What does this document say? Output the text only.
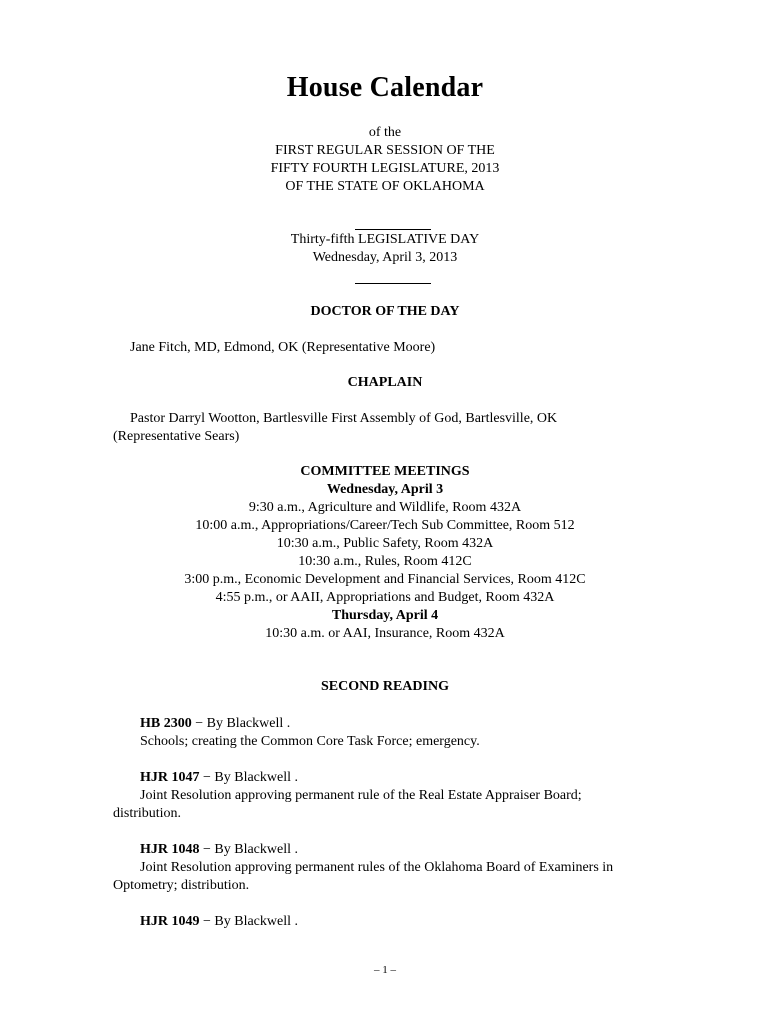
House Calendar
of the
FIRST REGULAR SESSION OF THE
FIFTY FOURTH LEGISLATURE, 2013
OF THE STATE OF OKLAHOMA
Thirty-fifth LEGISLATIVE DAY
Wednesday, April 3, 2013
DOCTOR OF THE DAY
Jane Fitch, MD, Edmond, OK (Representative Moore)
CHAPLAIN
Pastor Darryl Wootton, Bartlesville First Assembly of God, Bartlesville, OK
(Representative Sears)
COMMITTEE MEETINGS
Wednesday, April 3
9:30 a.m., Agriculture and Wildlife, Room 432A
10:00 a.m., Appropriations/Career/Tech Sub Committee, Room 512
10:30 a.m., Public Safety, Room 432A
10:30 a.m., Rules, Room 412C
3:00 p.m., Economic Development and Financial Services, Room 412C
4:55 p.m., or AAII, Appropriations and Budget, Room 432A
Thursday, April 4
10:30 a.m. or AAI, Insurance, Room 432A
SECOND READING
HB 2300 − By Blackwell .
Schools; creating the Common Core Task Force; emergency.
HJR 1047 − By Blackwell .
Joint Resolution approving permanent rule of the Real Estate Appraiser Board;
distribution.
HJR 1048 − By Blackwell .
Joint Resolution approving permanent rules of the Oklahoma Board of Examiners in
Optometry; distribution.
HJR 1049 − By Blackwell .
– 1 –
